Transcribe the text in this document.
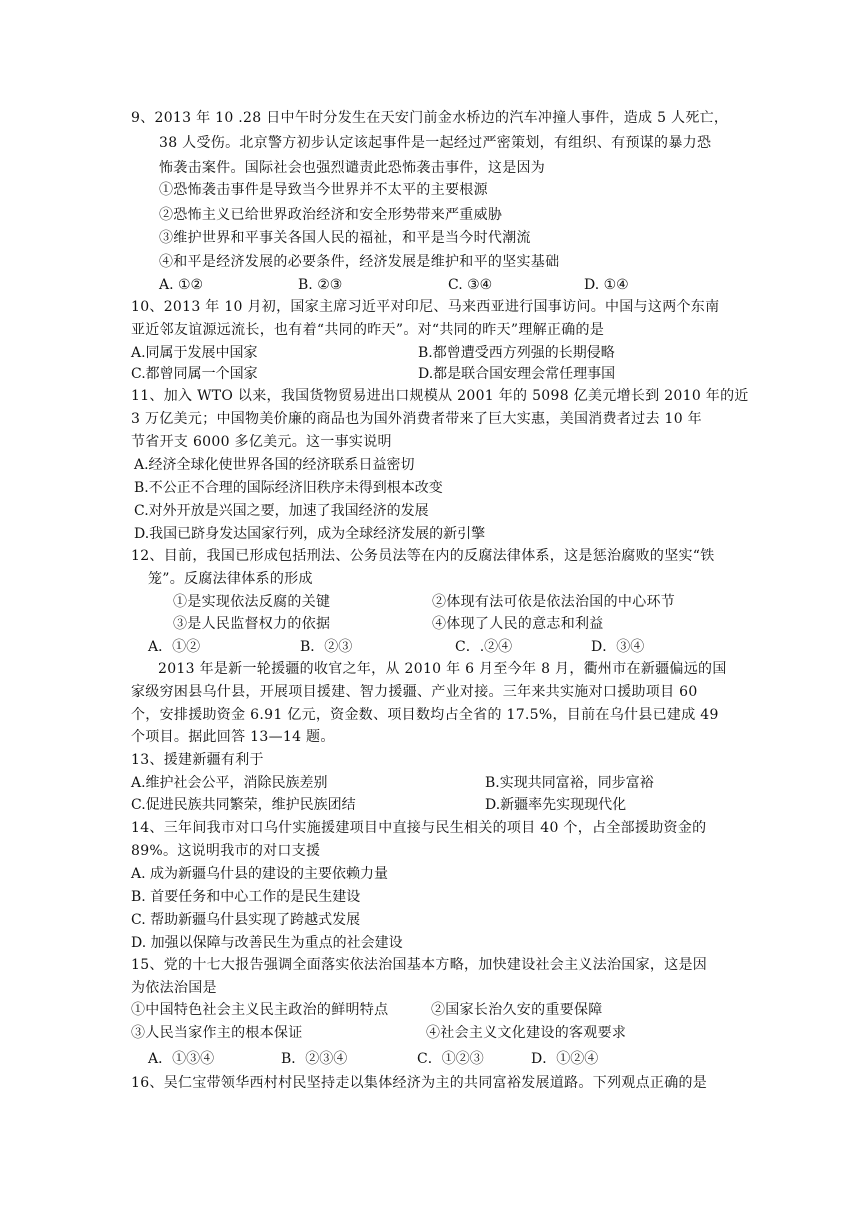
9、2013 年 10 .28 日中午时分发生在天安门前金水桥边的汽车冲撞人事件，造成 5 人死亡，
38 人受伤。北京警方初步认定该起事件是一起经过严密策划，有组织、有预谋的暴力恐
怖袭击案件。国际社会也强烈谴责此恐怖袭击事件，这是因为
①恐怖袭击事件是导致当今世界并不太平的主要根源
②恐怖主义已给世界政治经济和安全形势带来严重威胁
③维护世界和平事关各国人民的福祉，和平是当今时代潮流
④和平是经济发展的必要条件，经济发展是维护和平的坚实基础
A. ①②	B. ②③	C. ③④	D. ①④
10、2013 年 10 月初，国家主席习近平对印尼、马来西亚进行国事访问。中国与这两个东南
亚近邻友谊源远流长，也有着“共同的昨天”。对“共同的昨天”理解正确的是
A.同属于发展中国家	B.都曾遭受西方列强的长期侵略
C.都曾同属一个国家	D.都是联合国安理会常任理事国
11、加入 WTO 以来，我国货物贸易进出口规模从 2001 年的 5098 亿美元增长到 2010 年的近
3 万亿美元；中国物美价廉的商品也为国外消费者带来了巨大实惠，美国消费者过去 10 年
节省开支 6000 多亿美元。这一事实说明
A.经济全球化使世界各国的经济联系日益密切
B.不公正不合理的国际经济旧秩序未得到根本改变
C.对外开放是兴国之要，加速了我国经济的发展
D.我国已跻身发达国家行列，成为全球经济发展的新引擎
12、目前，我国已形成包括刑法、公务员法等在内的反腐法律体系，这是惩治腐败的坚实“铁
笼”。反腐法律体系的形成
①是实现依法反腐的关键	②体现有法可依是依法治国的中心环节
③是人民监督权力的依据	④体现了人民的意志和利益
A．①②	B．②③	C．.②④	D．③④
2013 年是新一轮援疆的收官之年，从 2010 年 6 月至今年 8 月，衢州市在新疆偏远的国
家级穷困县乌什县，开展项目援建、智力援疆、产业对接。三年来共实施对口援助项目 60
个，安排援助资金 6.91 亿元，资金数、项目数均占全省的 17.5%，目前在乌什县已建成 49
个项目。据此回答 13—14 题。
13、援建新疆有利于
A.维护社会公平，消除民族差别	B.实现共同富裕，同步富裕
C.促进民族共同繁荣，维护民族团结	D.新疆率先实现现代化
14、三年间我市对口乌什实施援建项目中直接与民生相关的项目 40 个，占全部援助资金的
89%。这说明我市的对口支援
A. 成为新疆乌什县的建设的主要依赖力量
B. 首要任务和中心工作的是民生建设
C. 帮助新疆乌什县实现了跨越式发展
D. 加强以保障与改善民生为重点的社会建设
15、党的十七大报告强调全面落实依法治国基本方略，加快建设社会主义法治国家，这是因
为依法治国是
①中国特色社会主义民主政治的鲜明特点	②国家长治久安的重要保障
③人民当家作主的根本保证	④社会主义文化建设的客观要求
A．①③④	B．②③④	C．①②③	D．①②④
16、吴仁宝带领华西村村民坚持走以集体经济为主的共同富裕发展道路。下列观点正确的是
